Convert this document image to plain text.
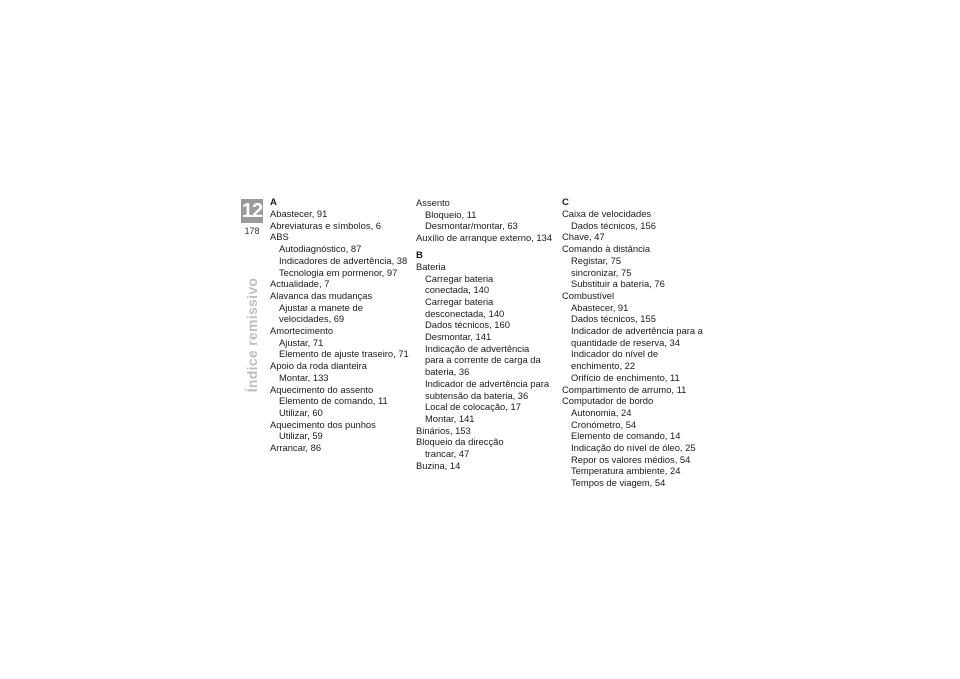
12
178
Índice remissivo
A
Abastecer, 91
Abreviaturas e símbolos, 6
ABS
Autodiagnóstico, 87
Indicadores de advertência, 38
Tecnologia em pormenor, 97
Actualidade, 7
Alavanca das mudanças
Ajustar a manete de
velocidades, 69
Amortecimento
Ajustar, 71
Elemento de ajuste traseiro, 71
Apoio da roda dianteira
Montar, 133
Aquecimento do assento
Elemento de comando, 11
Utilizar, 60
Aquecimento dos punhos
Utilizar, 59
Arrancar, 86
Assento
Bloqueio, 11
Desmontar/montar, 63
Auxílio de arranque externo, 134
B
Bateria
Carregar bateria
conectada, 140
Carregar bateria
desconectada, 140
Dados técnicos, 160
Desmontar, 141
Indicação de advertência
para a corrente de carga da
bateria, 36
Indicador de advertência para
subtensão da bateria, 36
Local de colocação, 17
Montar, 141
Binários, 153
Bloqueio da direcção
trancar, 47
Buzina, 14
C
Caixa de velocidades
Dados técnicos, 156
Chave, 47
Comando à distância
Registar, 75
sincronizar, 75
Substituir a bateria, 76
Combustível
Abastecer, 91
Dados técnicos, 155
Indicador de advertência para a
quantidade de reserva, 34
Indicador do nível de
enchimento, 22
Orifício de enchimento, 11
Compartimento de arrumo, 11
Computador de bordo
Autonomia, 24
Cronómetro, 54
Elemento de comando, 14
Indicação do nível de óleo, 25
Repor os valores médios, 54
Temperatura ambiente, 24
Tempos de viagem, 54
